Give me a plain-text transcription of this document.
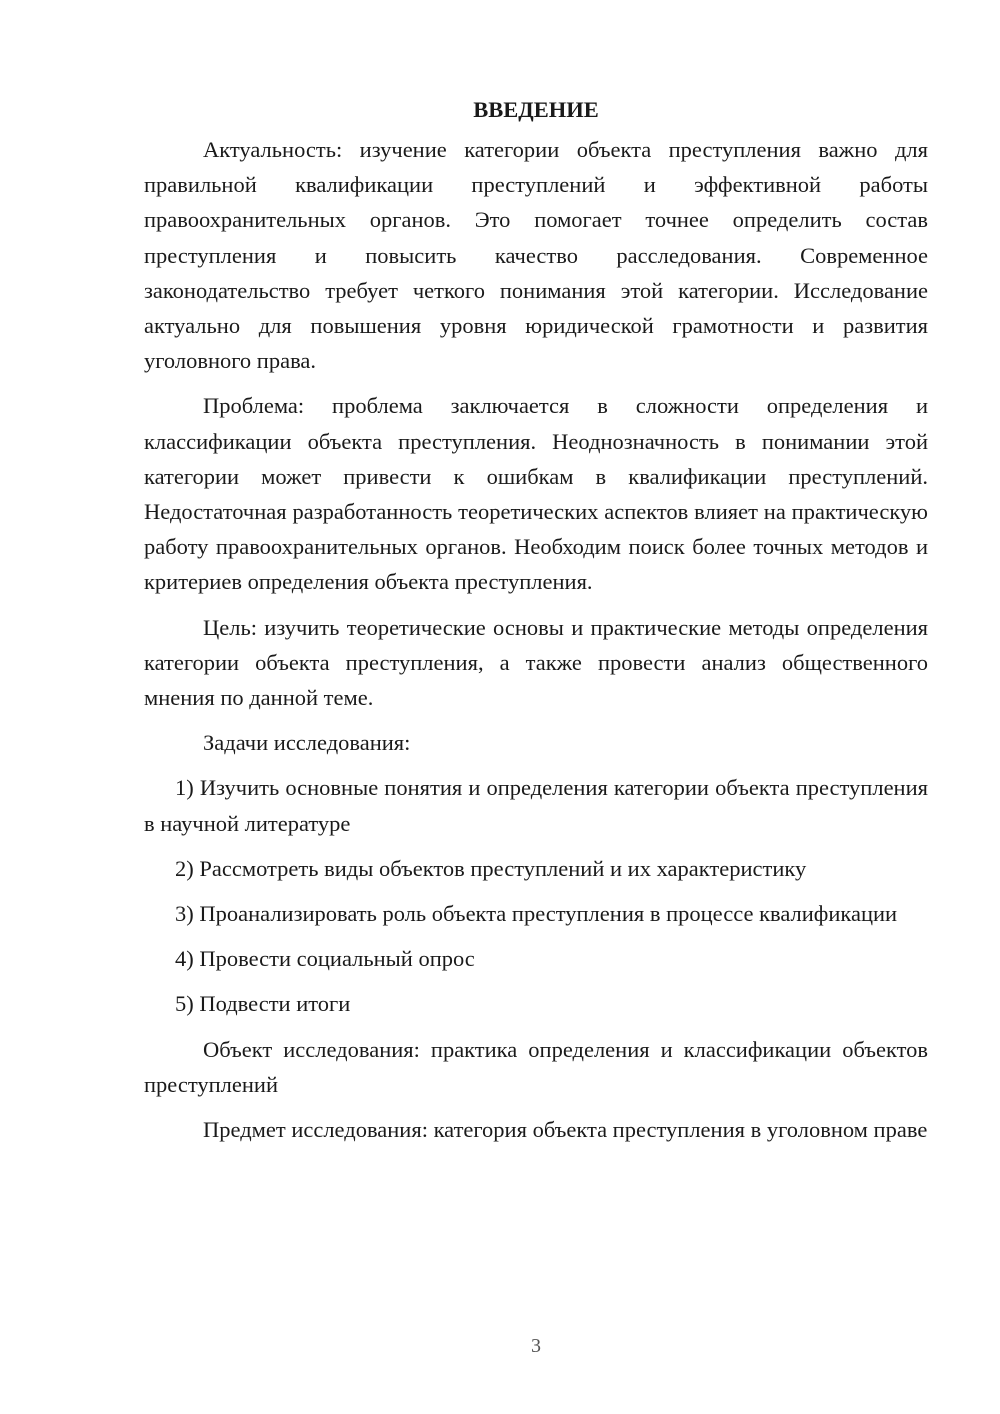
ВВЕДЕНИЕ

Актуальность: изучение категории объекта преступления важно для правильной квалификации преступлений и эффективной работы правоохранительных органов. Это помогает точнее определить состав преступления и повысить качество расследования. Современное законодательство требует четкого понимания этой категории. Исследование актуально для повышения уровня юридической грамотности и развития уголовного права.

Проблема: проблема заключается в сложности определения и классификации объекта преступления. Неоднозначность в понимании этой категории может привести к ошибкам в квалификации преступлений. Недостаточная разработанность теоретических аспектов влияет на практическую работу правоохранительных органов. Необходим поиск более точных методов и критериев определения объекта преступления.

Цель: изучить теоретические основы и практические методы определения категории объекта преступления, а также провести анализ общественного мнения по данной теме.

Задачи исследования:

1) Изучить основные понятия и определения категории объекта преступления в научной литературе

2) Рассмотреть виды объектов преступлений и их характеристику

3) Проанализировать роль объекта преступления в процессе квалификации

4) Провести социальный опрос

5) Подвести итоги

Объект исследования: практика определения и классификации объектов преступлений

Предмет исследования: категория объекта преступления в уголовном праве

3
